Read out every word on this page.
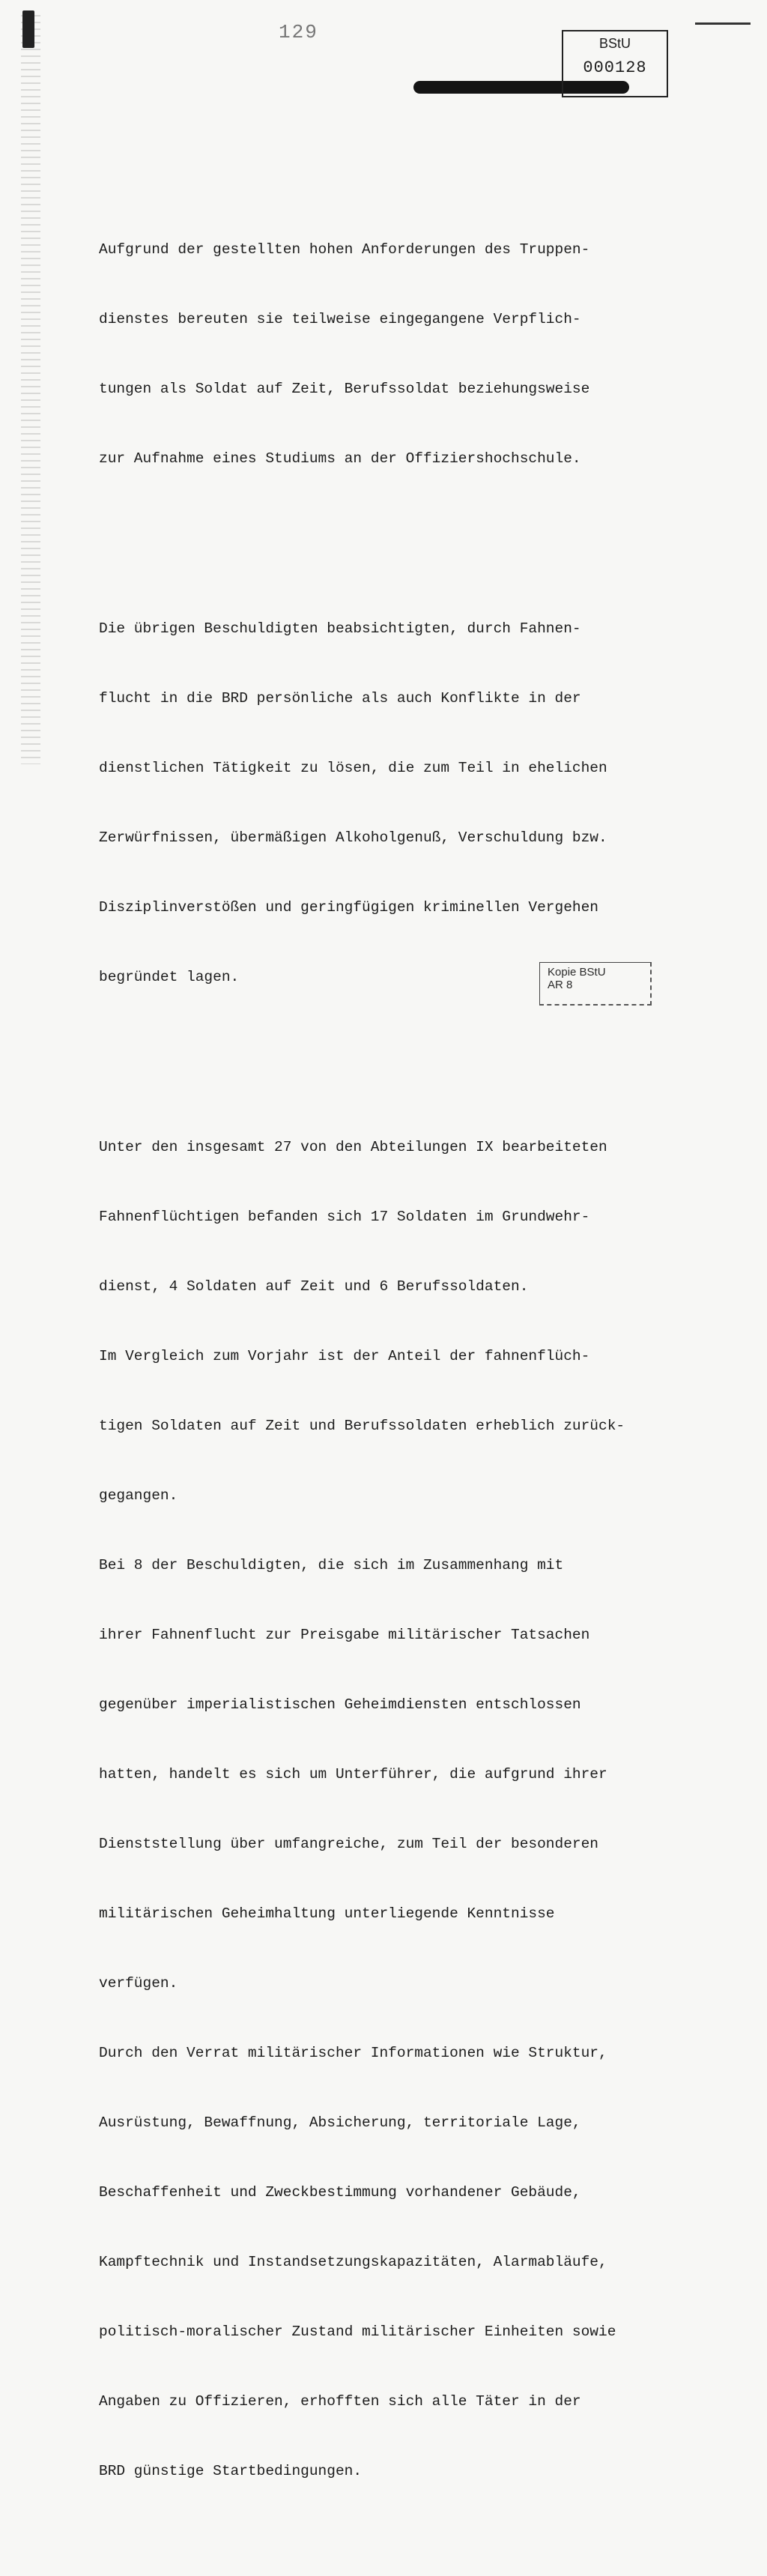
129	BStU
000128

Aufgrund der gestellten hohen Anforderungen des Truppen-

dienstes bereuten sie teilweise eingegangene Verpflich-

tungen als Soldat auf Zeit, Berufssoldat beziehungsweise

zur Aufnahme eines Studiums an der Offiziershochschule.

Die übrigen Beschuldigten beabsichtigten, durch Fahnen-

flucht in die BRD persönliche als auch Konflikte in der

dienstlichen Tätigkeit zu lösen, die zum Teil in ehelichen

Zerwürfnissen, übermäßigen Alkoholgenuß, Verschuldung bzw.

Disziplinverstößen und geringfügigen kriminellen Vergehen

begründet lagen.

Unter den insgesamt 27 von den Abteilungen IX bearbeiteten

Fahnenflüchtigen befanden sich 17 Soldaten im Grundwehr-

dienst, 4 Soldaten auf Zeit und 6 Berufssoldaten.

Im Vergleich zum Vorjahr ist der Anteil der fahnenflüch-

tigen Soldaten auf Zeit und Berufssoldaten erheblich zurück-

gegangen.

Bei 8 der Beschuldigten, die sich im Zusammenhang mit

ihrer Fahnenflucht zur Preisgabe militärischer Tatsachen

gegenüber imperialistischen Geheimdiensten entschlossen

hatten, handelt es sich um Unterführer, die aufgrund ihrer

Dienststellung über umfangreiche, zum Teil der besonderen

militärischen Geheimhaltung unterliegende Kenntnisse

verfügen.

Durch den Verrat militärischer Informationen wie Struktur,

Ausrüstung, Bewaffnung, Absicherung, territoriale Lage,

Beschaffenheit und Zweckbestimmung vorhandener Gebäude,

Kampftechnik und Instandsetzungskapazitäten, Alarmabläufe,

politisch-moralischer Zustand militärischer Einheiten sowie

Angaben zu Offizieren, erhofften sich alle Täter in der

BRD günstige Startbedingungen.

Kopie BStU
AR 8
